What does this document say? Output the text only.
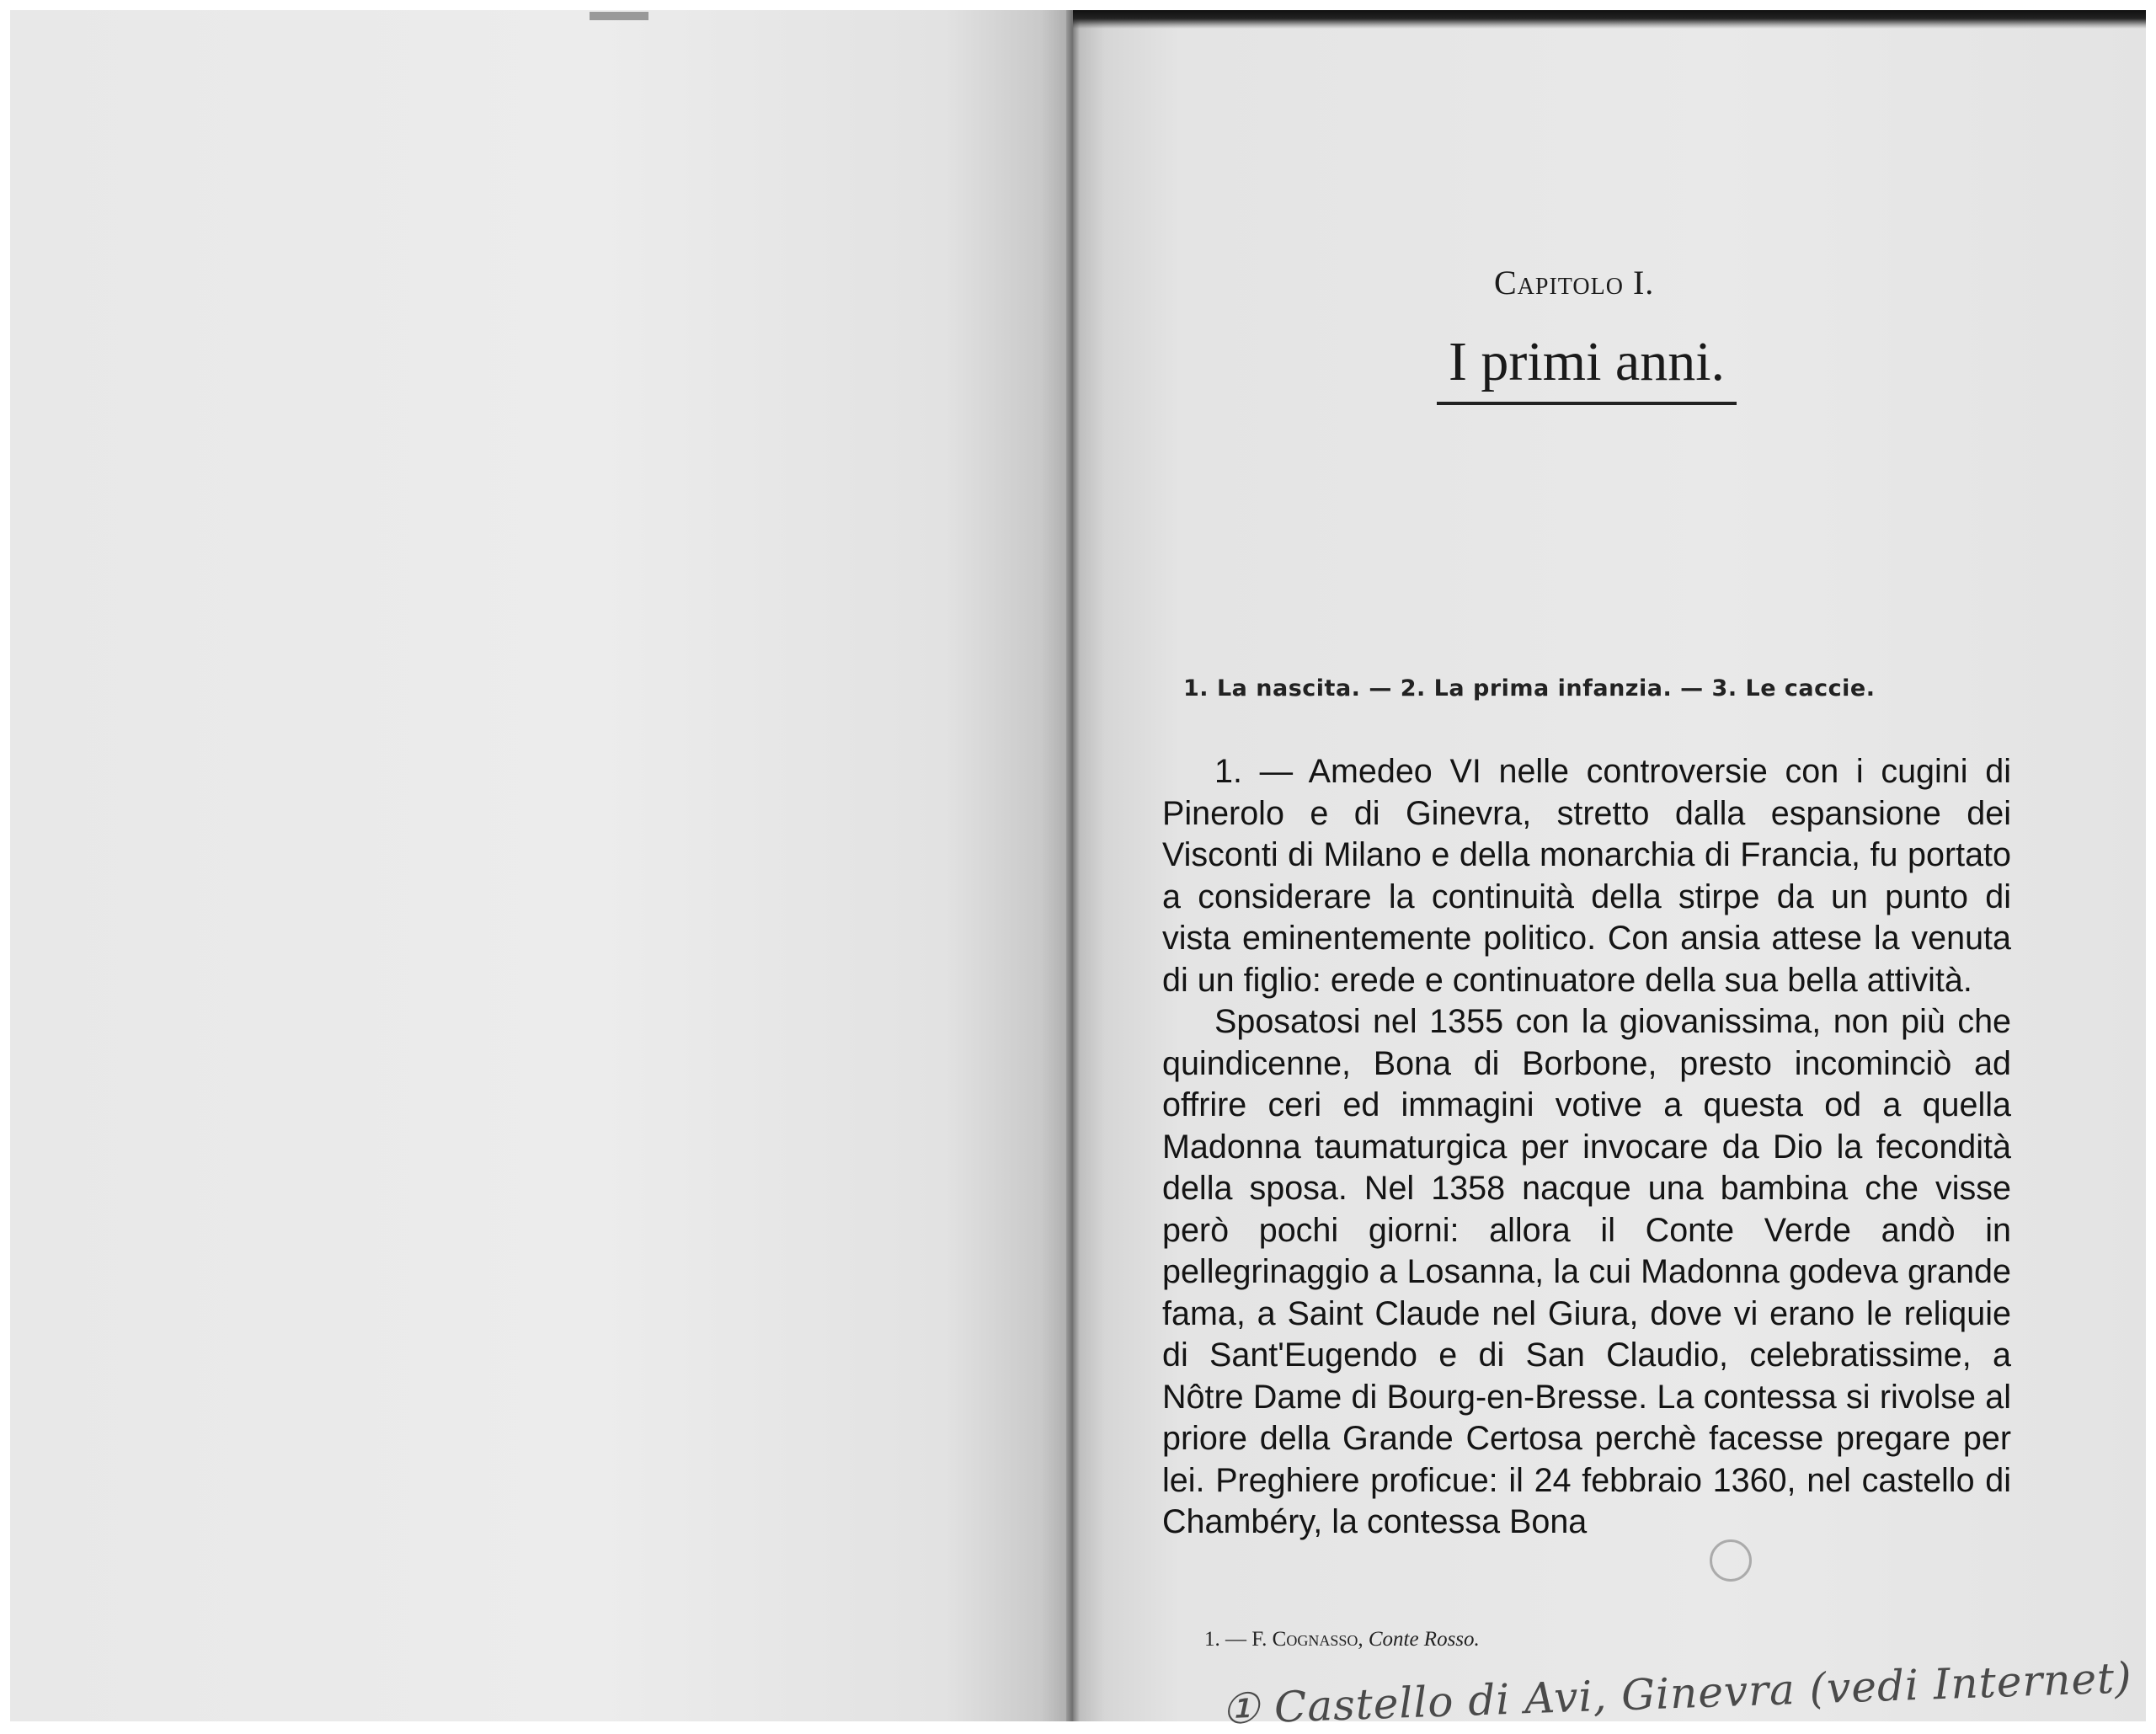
Capitolo I.
I primi anni.
1. La nascita. — 2. La prima infanzia. — 3. Le caccie.

1. — Amedeo VI nelle controversie con i cugini di Pinerolo e di Ginevra, stretto dalla espansione dei Visconti di Milano e della monarchia di Francia, fu portato a considerare la continuità della stirpe da un punto di vista eminentemente politico. Con ansia attese la venuta di un figlio: erede e continuatore della sua bella attività.

Sposatosi nel 1355 con la giovanissima, non più che quindicenne, Bona di Borbone, presto incominciò ad offrire ceri ed immagini votive a questa od a quella Madonna taumaturgica per invocare da Dio la fecondità della sposa. Nel 1358 nacque una bambina che visse però pochi giorni: allora il Conte Verde andò in pellegrinaggio a Losanna, la cui Madonna godeva grande fama, a Saint Claude nel Giura, dove vi erano le reliquie di Sant'Eugendo e di San Claudio, celebratissime, a Nôtre Dame di Bourg-en-Bresse. La contessa si rivolse al priore della Grande Certosa perchè facesse pregare per lei. Preghiere proficue: il 24 febbraio 1360, nel castello di Chambéry, la contessa Bona

1. — F. Cognasso, Conte Rosso.
① Castello di Avi, Ginevra (vedi Internet)
